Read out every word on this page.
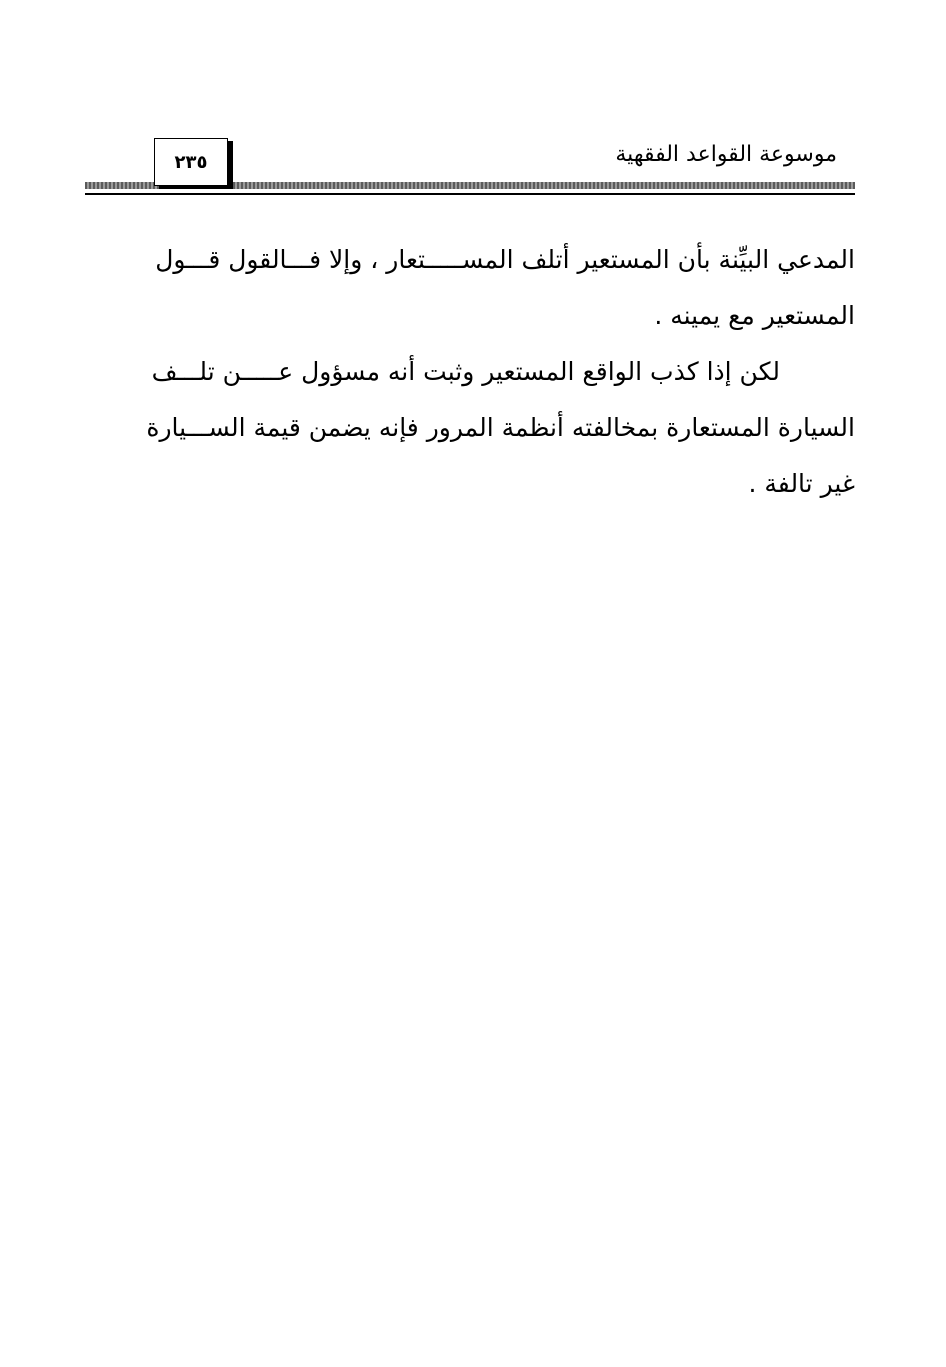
٢٣٥	موسوعة القواعد الفقهية
المدعي البيِّنة بأن المستعير أتلف المســـــتعار ، وإلا فـــالقول قـــول
المستعير مع يمينه .
لكن إذا كذب الواقع المستعير وثبت أنه مسؤول عـــــن تلـــف
السيارة المستعارة بمخالفته أنظمة المرور فإنه يضمن قيمة الســـيارة
غير تالفة .
